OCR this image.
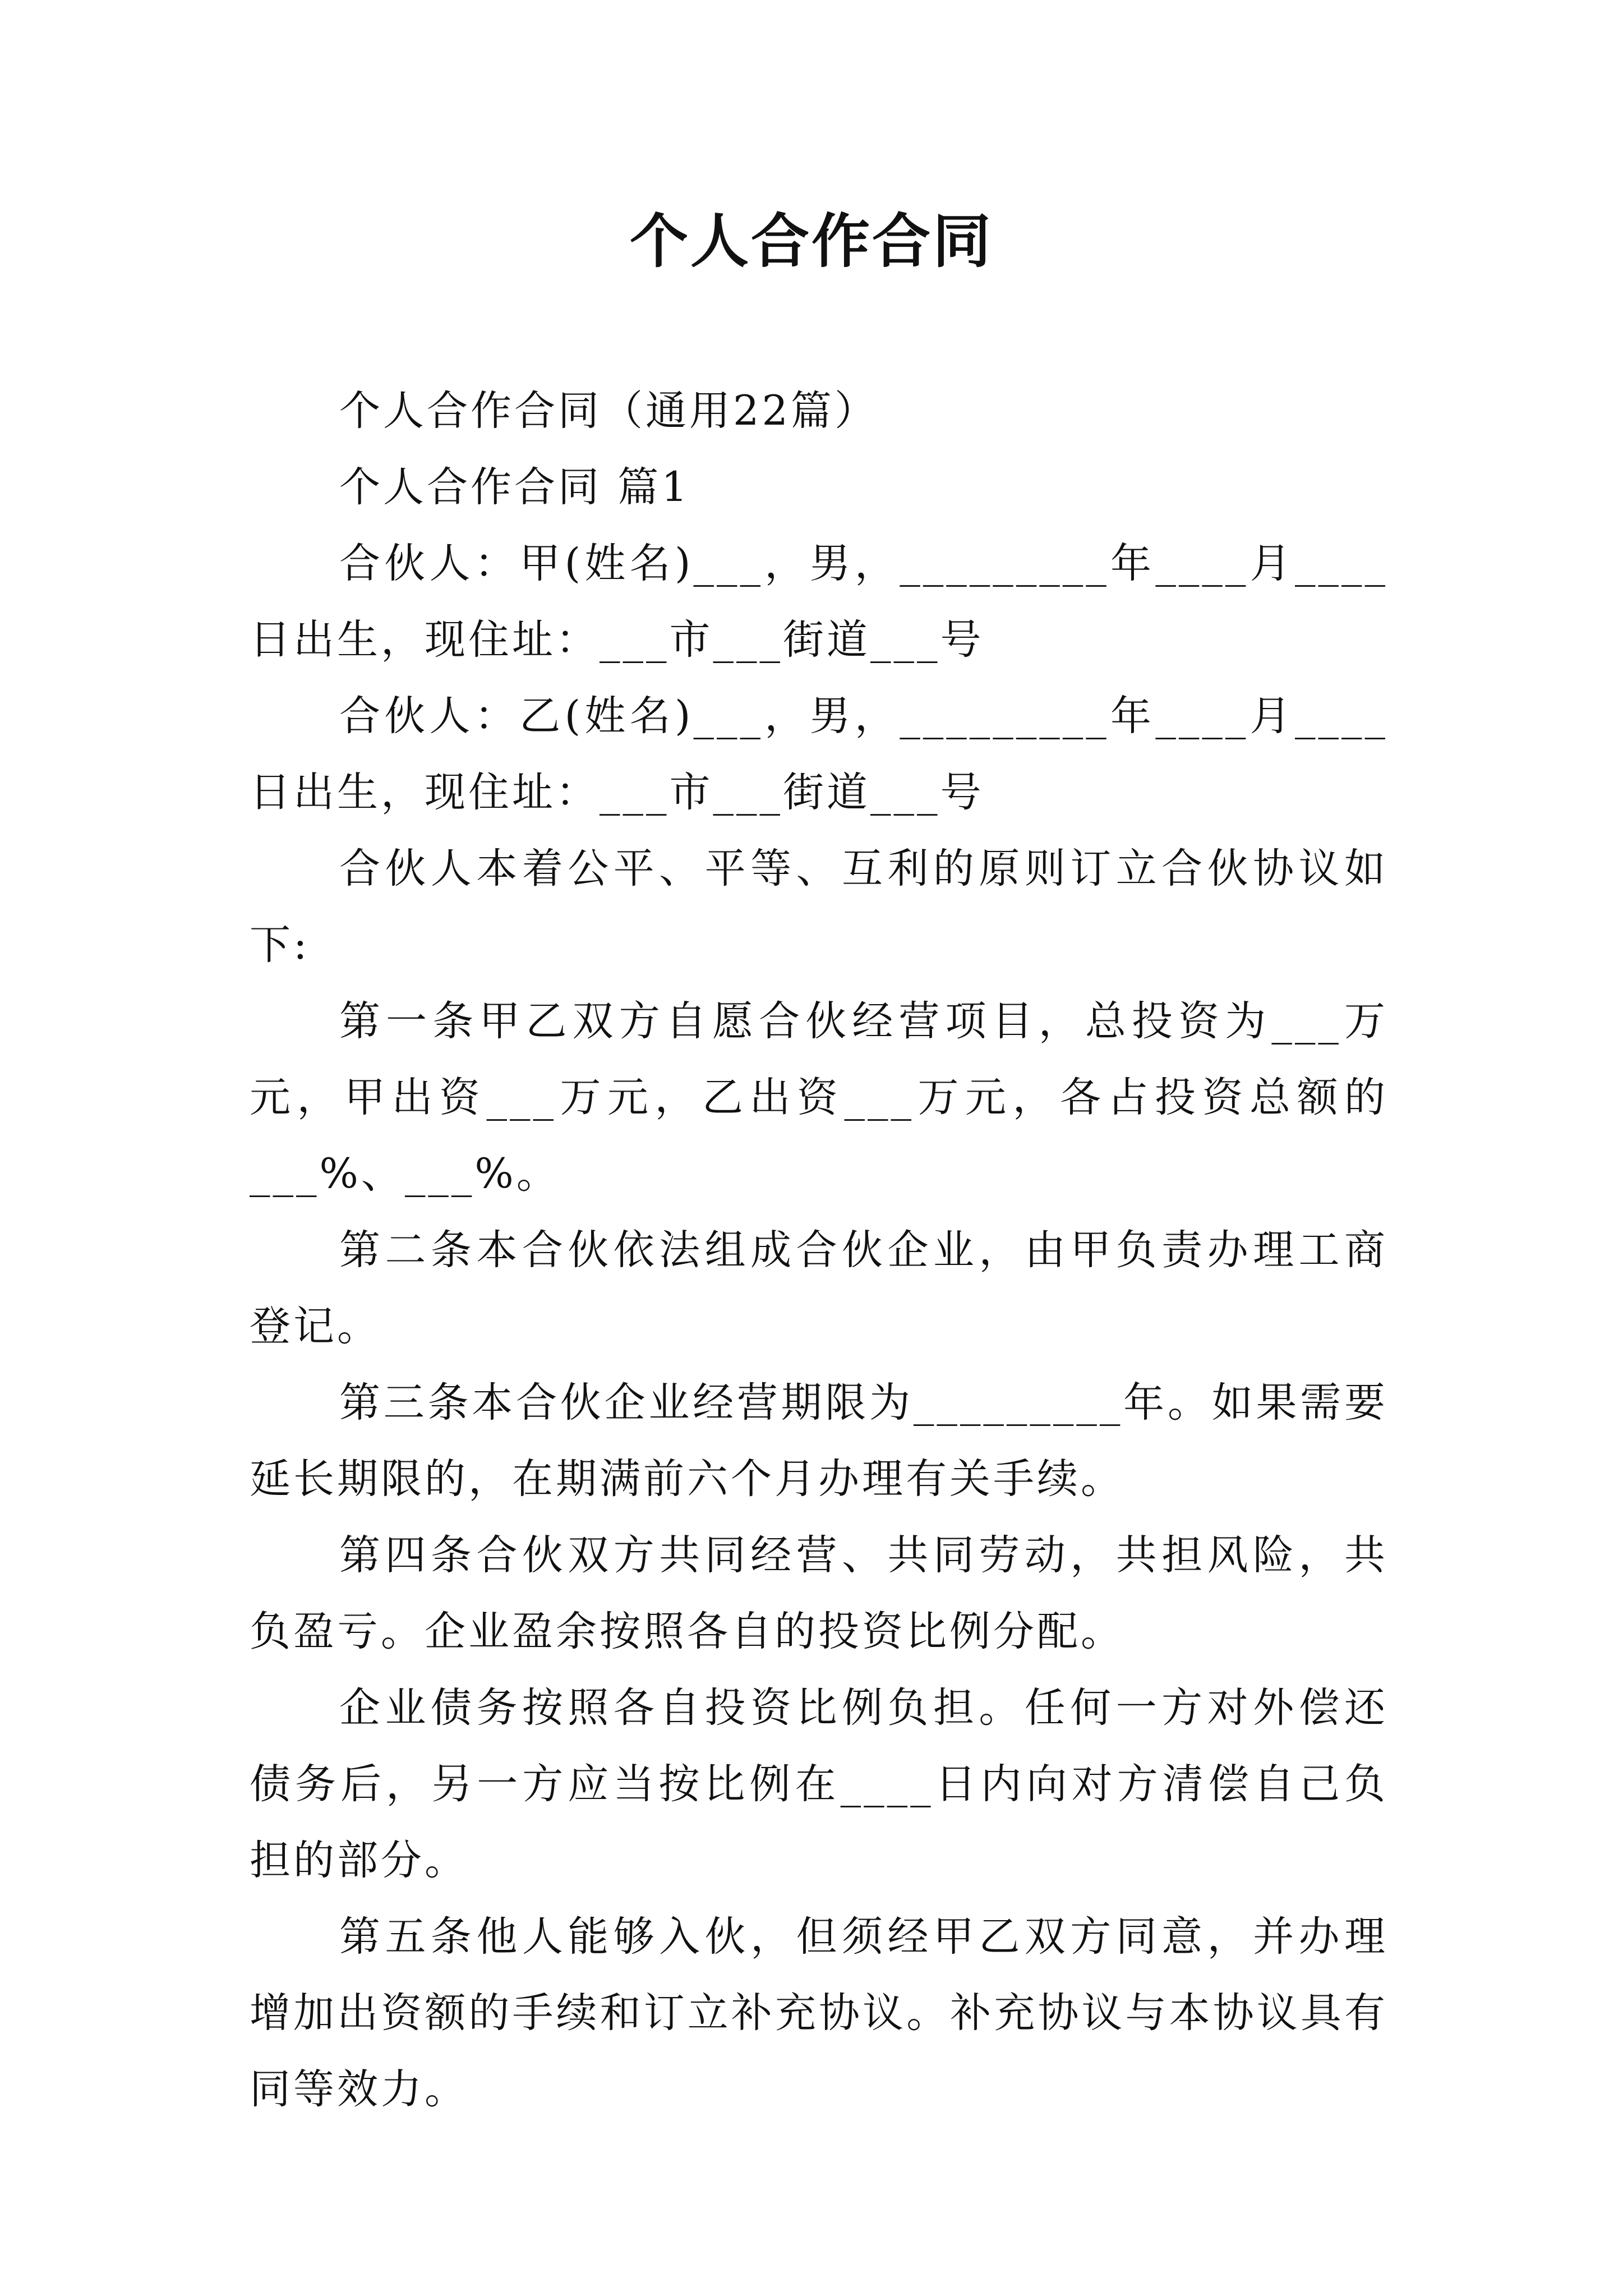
个人合作合同

个人合作合同（通用22篇）

个人合作合同 篇1

合伙人：甲(姓名)___，男，_________年____月____日出生，现住址：___市___街道___号

合伙人：乙(姓名)___，男，_________年____月____日出生，现住址：___市___街道___号

合伙人本着公平、平等、互利的原则订立合伙协议如下:

第一条甲乙双方自愿合伙经营项目，总投资为___万元，甲出资___万元，乙出资___万元，各占投资总额的___%、___%。

第二条本合伙依法组成合伙企业，由甲负责办理工商登记。

第三条本合伙企业经营期限为_________年。如果需要延长期限的，在期满前六个月办理有关手续。

第四条合伙双方共同经营、共同劳动，共担风险，共负盈亏。企业盈余按照各自的投资比例分配。

企业债务按照各自投资比例负担。任何一方对外偿还债务后，另一方应当按比例在____日内向对方清偿自己负担的部分。

第五条他人能够入伙，但须经甲乙双方同意，并办理增加出资额的手续和订立补充协议。补充协议与本协议具有同等效力。
